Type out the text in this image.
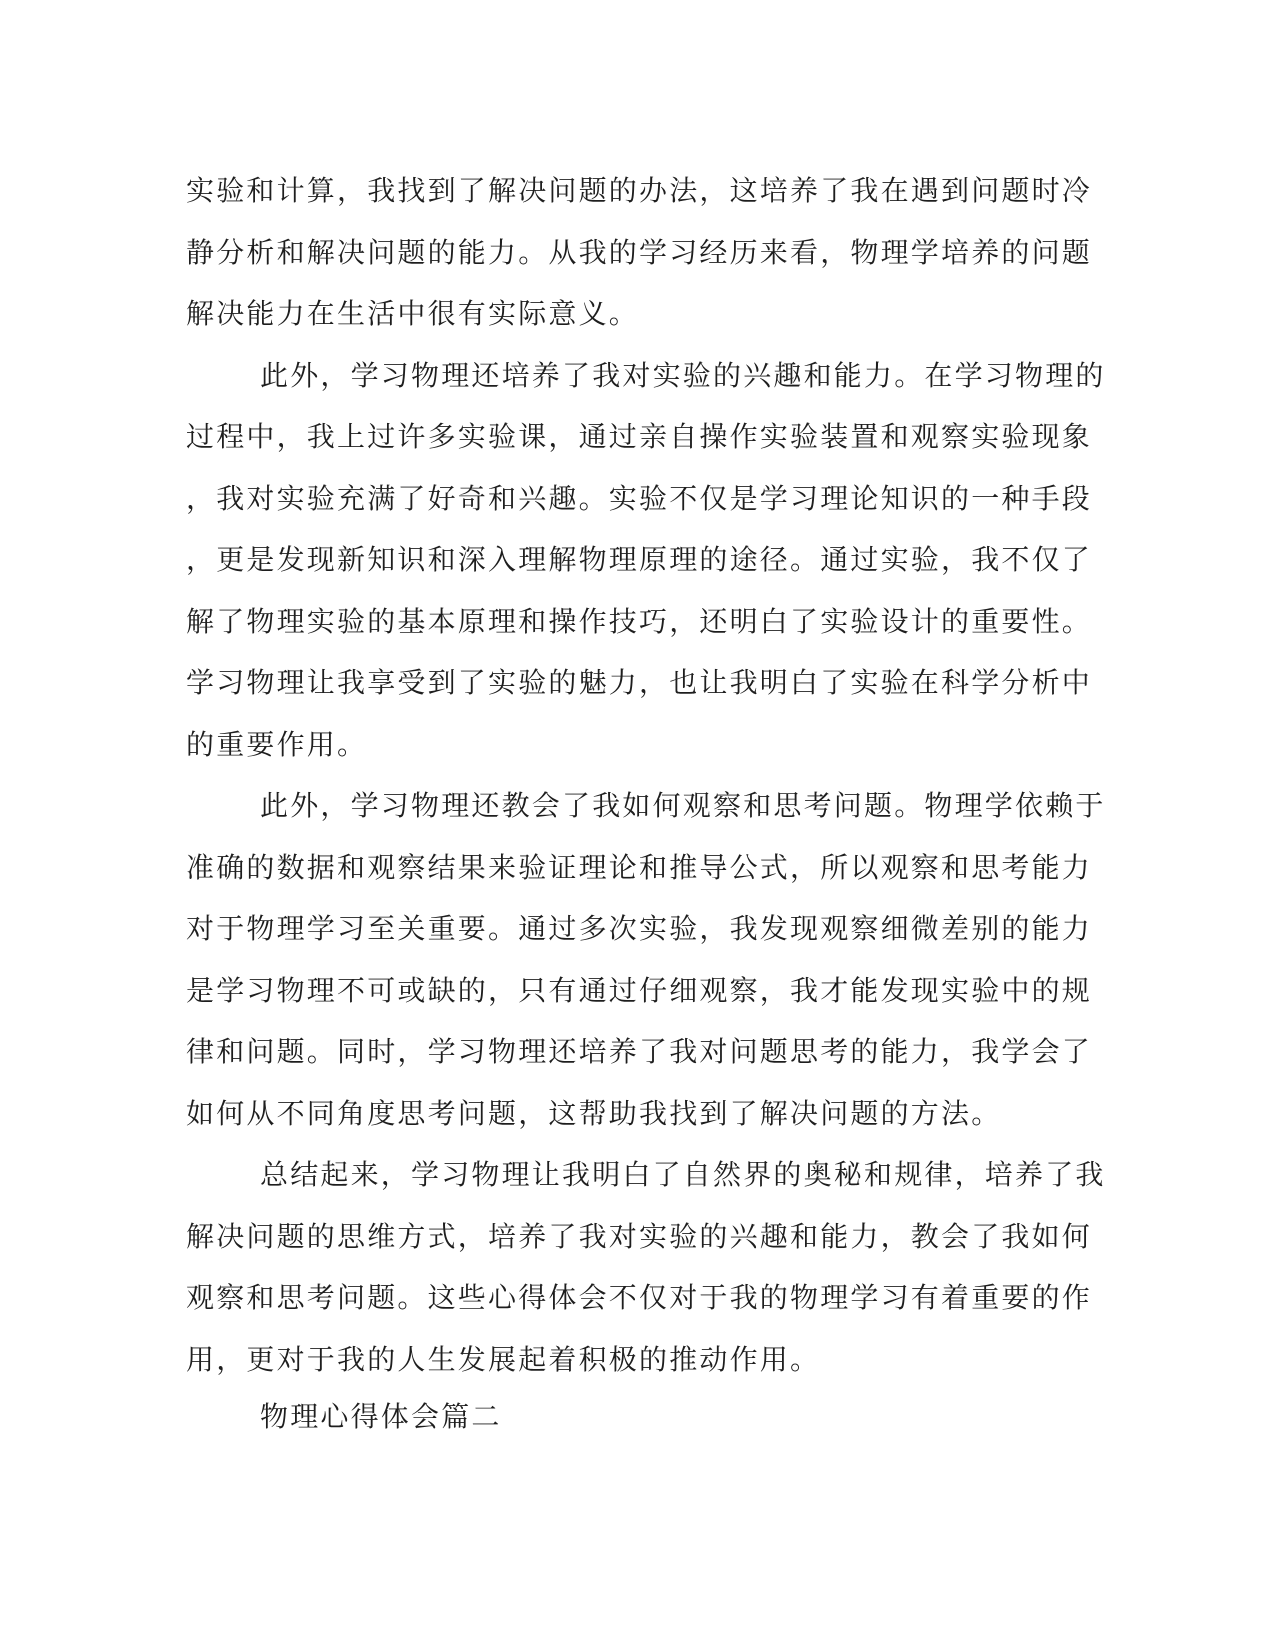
实验和计算，我找到了解决问题的办法，这培养了我在遇到问题时冷
静分析和解决问题的能力。从我的学习经历来看，物理学培养的问题
解决能力在生活中很有实际意义。
此外，学习物理还培养了我对实验的兴趣和能力。在学习物理的
过程中，我上过许多实验课，通过亲自操作实验装置和观察实验现象
，我对实验充满了好奇和兴趣。实验不仅是学习理论知识的一种手段
，更是发现新知识和深入理解物理原理的途径。通过实验，我不仅了
解了物理实验的基本原理和操作技巧，还明白了实验设计的重要性。
学习物理让我享受到了实验的魅力，也让我明白了实验在科学分析中
的重要作用。
此外，学习物理还教会了我如何观察和思考问题。物理学依赖于
准确的数据和观察结果来验证理论和推导公式，所以观察和思考能力
对于物理学习至关重要。通过多次实验，我发现观察细微差别的能力
是学习物理不可或缺的，只有通过仔细观察，我才能发现实验中的规
律和问题。同时，学习物理还培养了我对问题思考的能力，我学会了
如何从不同角度思考问题，这帮助我找到了解决问题的方法。
总结起来，学习物理让我明白了自然界的奥秘和规律，培养了我
解决问题的思维方式，培养了我对实验的兴趣和能力，教会了我如何
观察和思考问题。这些心得体会不仅对于我的物理学习有着重要的作
用，更对于我的人生发展起着积极的推动作用。
物理心得体会篇二
